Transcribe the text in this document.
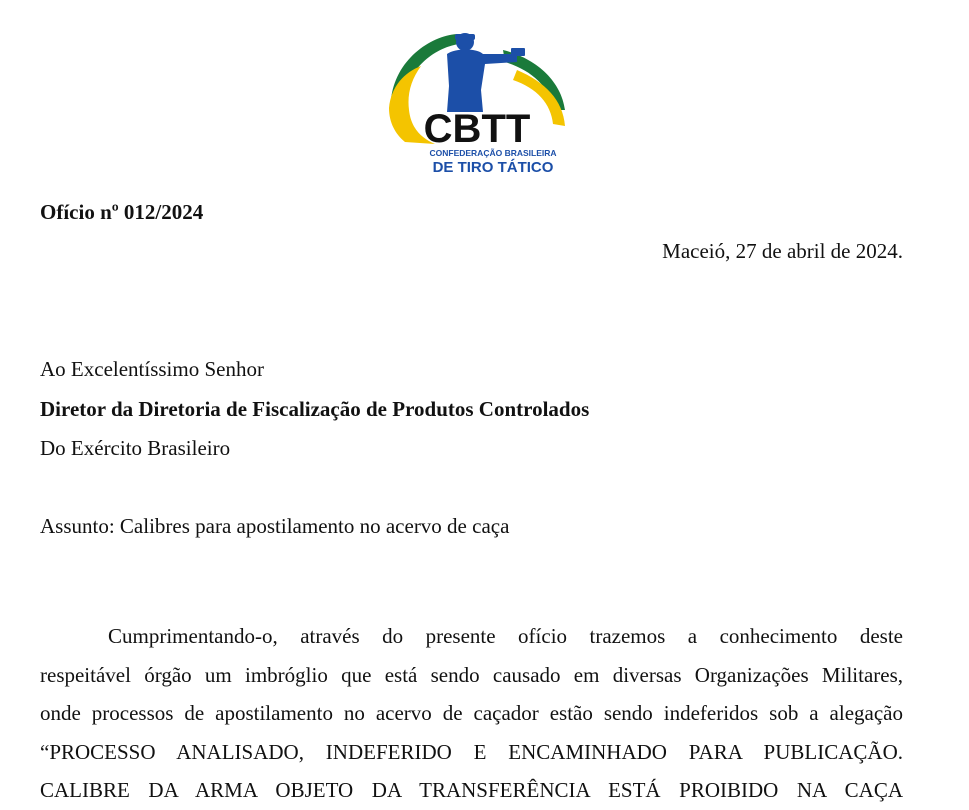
CBTT
CONFEDERAÇÃO BRASILEIRA
DE TIRO TÁTICO
Ofício nº 012/2024
Maceió, 27 de abril de 2024.
Ao Excelentíssimo Senhor
Diretor da Diretoria de Fiscalização de Produtos Controlados
Do Exército Brasileiro
Assunto: Calibres para apostilamento no acervo de caça
Cumprimentando-o, através do presente ofício trazemos a conhecimento deste
respeitável órgão um imbróglio que está sendo causado em diversas Organizações Militares,
onde processos de apostilamento no acervo de caçador estão sendo indeferidos sob a alegação
“PROCESSO ANALISADO, INDEFERIDO E ENCAMINHADO PARA PUBLICAÇÃO.
CALIBRE DA ARMA OBJETO DA TRANSFERÊNCIA ESTÁ PROIBIDO NA CAÇA
